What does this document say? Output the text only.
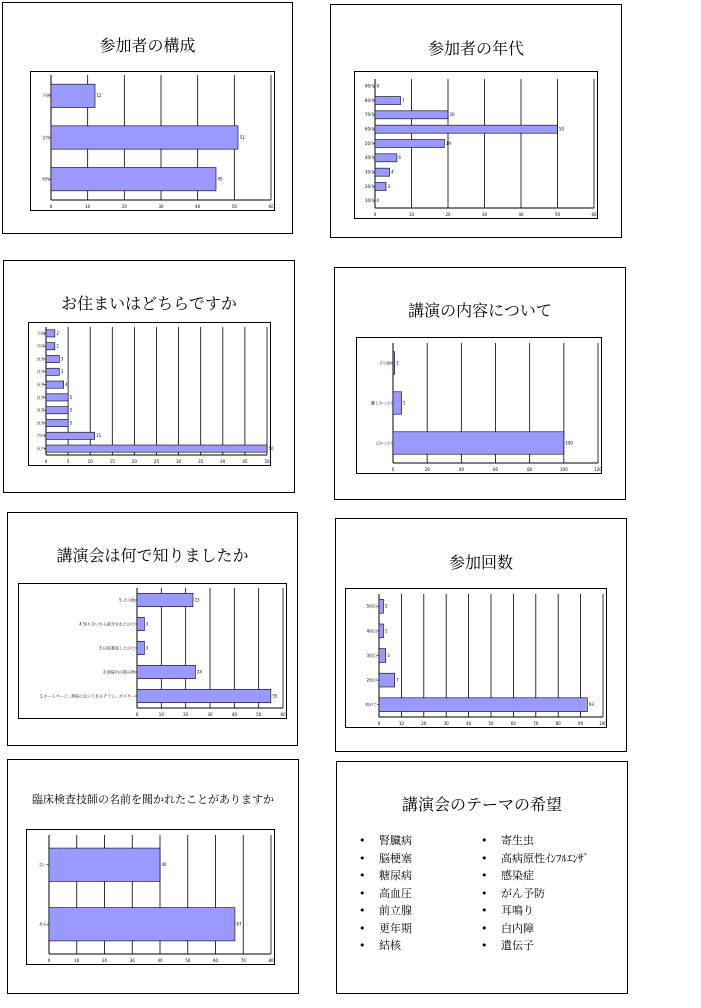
参加者の構成
0	10	20	30	40	50	60
不明	12
女性	51
男性	45
参加者の年代
0	10	20	30	40	50	60
90代 0
80代	7
70代	20
60代	50
50代	19
40代	6
30代	4
20代	3
10代 0
お住まいはどちらですか
0	5	10	15	20	25	30	35	40	45	50
不明	2
市外	2
区外	3
区外	3
区外	4
区外	5
区外	5
区外	5
市内	11
区内	50
講演の内容について
0	20	40	60	80	100	120
その他 1
難しかった	5
よかった	100
講演会は何で知りましたか
0	10	20	30	40	50	60
5.その他	23
4.知り合いから紹介されたので	3
3.以前参加したので	3
2.病院内の掲示物	24
1.ホームページ、病院においてあるチラシ、ポスター	55
参加回数
0	10	20	30	40	50	60	70	80	90	100
5回目 2
4回目 2
3回目	3
2回目	7
初めて	93
臨床検査技師の名前を聞かれたことがありますか
0	10	20	30	40	50	60	70	80
ない	40
ある	67
講演会のテーマの希望
• 腎臓病
• 脳梗塞
• 糖尿病
• 高血圧
• 前立腺
• 更年期
• 結核
• 寄生虫
• 高病原性ｲﾝﾌﾙｴﾝｻﾞ
• 感染症
• がん予防
• 耳鳴り
• 白内障
• 遺伝子
